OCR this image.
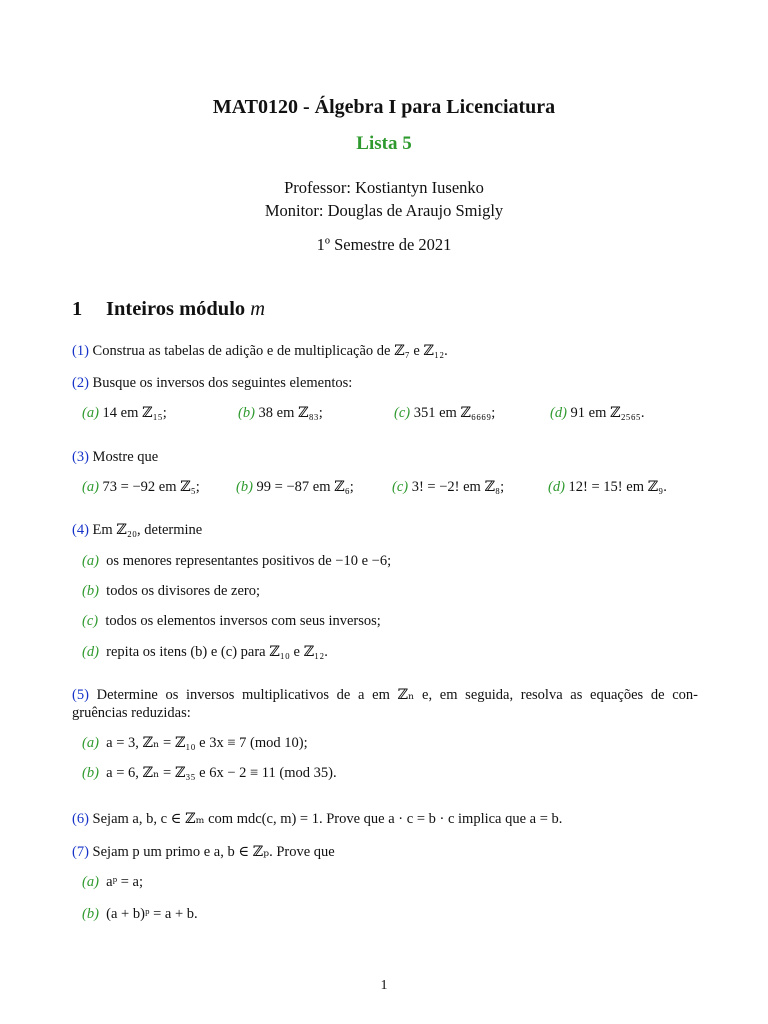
MAT0120 - Álgebra I para Licenciatura
Lista 5
Professor: Kostiantyn Iusenko
Monitor: Douglas de Araujo Smigly
1º Semestre de 2021
1 Inteiros módulo m
(1) Construa as tabelas de adição e de multiplicação de ℤ₇ e ℤ₁₂.
(2) Busque os inversos dos seguintes elementos:
(a) 14 em ℤ₁₅;	(b) 38 em ℤ₈₃;	(c) 351 em ℤ₆₆₆₉;	(d) 91 em ℤ₂₅₆₅.
(3) Mostre que
(a) 73 = −92 em ℤ₅; (b) 99 = −87 em ℤ₆;	(c) 3! = −2! em ℤ₈;	(d) 12! = 15! em ℤ₉.
(4) Em ℤ₂₀, determine
(a) os menores representantes positivos de −10 e −6;
(b) todos os divisores de zero;
(c) todos os elementos inversos com seus inversos;
(d) repita os itens (b) e (c) para ℤ₁₀ e ℤ₁₂.
(5) Determine os inversos multiplicativos de a em ℤₙ e, em seguida, resolva as equações de con-
gruências reduzidas:
(a) a = 3, ℤₙ = ℤ₁₀ e 3x ≡ 7 (mod 10);
(b) a = 6, ℤₙ = ℤ₃₅ e 6x − 2 ≡ 11 (mod 35).
(6) Sejam a, b, c ∈ ℤₘ com mdc(c, m) = 1. Prove que a · c = b · c implica que a = b.
(7) Sejam p um primo e a, b ∈ ℤₚ. Prove que
(a) aᵖ = a;
(b) (a + b)ᵖ = a + b.
1
